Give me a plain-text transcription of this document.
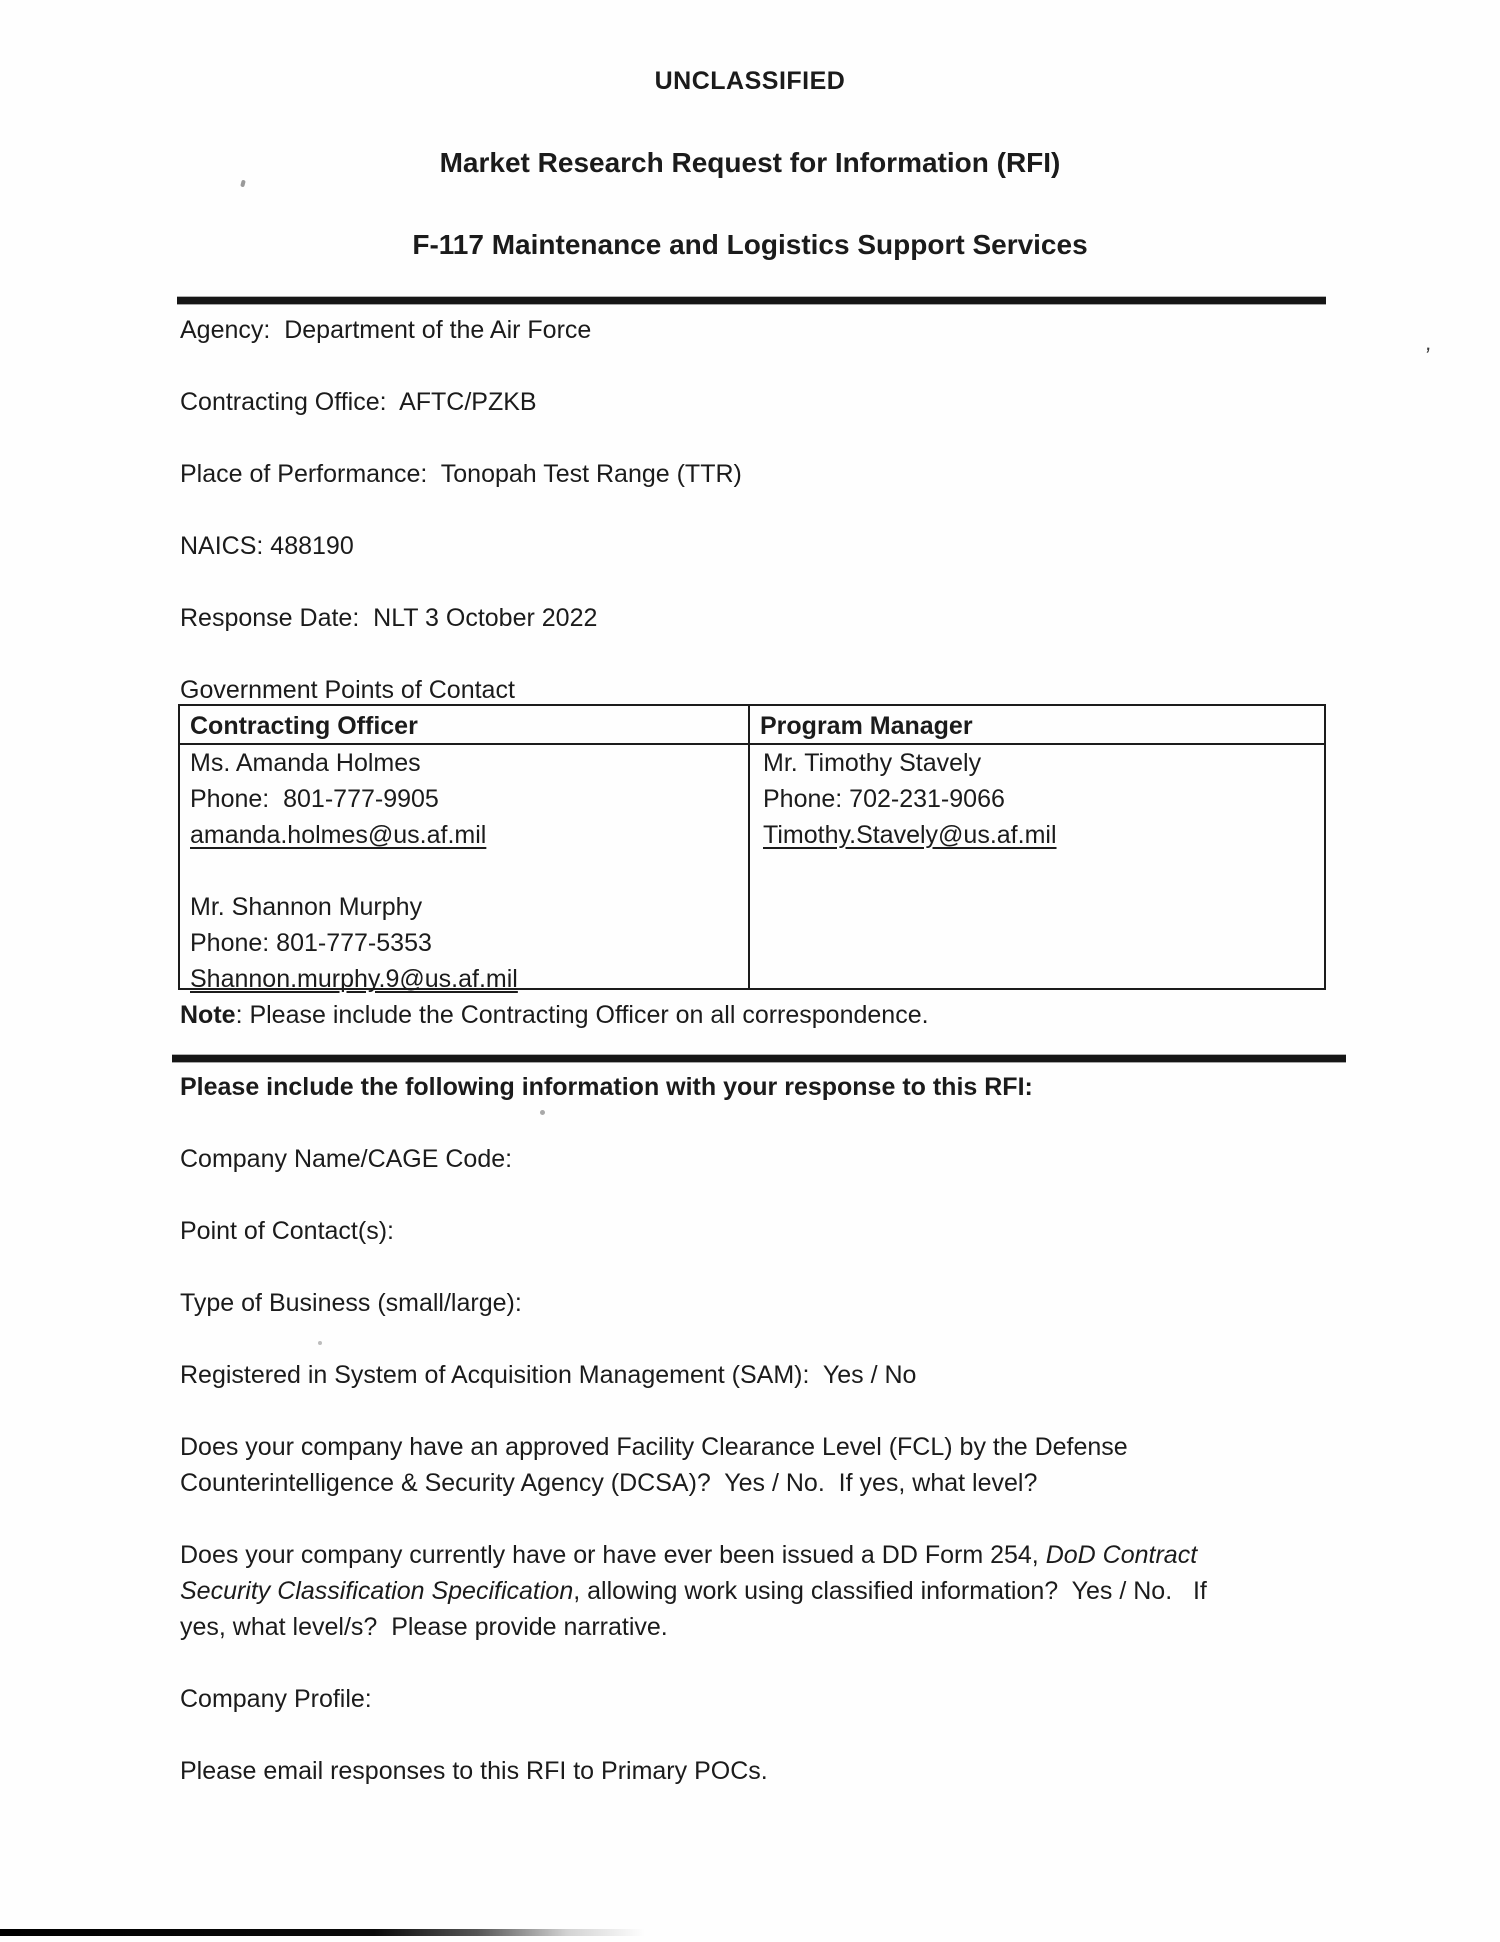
UNCLASSIFIED
Market Research Request for Information (RFI)
F-117 Maintenance and Logistics Support Services
Agency:  Department of the Air Force
Contracting Office:  AFTC/PZKB
Place of Performance:  Tonopah Test Range (TTR)
NAICS: 488190
Response Date:  NLT 3 October 2022
Government Points of Contact
Contracting Officer	Program Manager
Ms. Amanda Holmes
Phone:  801-777-9905
amanda.holmes@us.af.mil
Mr. Shannon Murphy
Phone: 801-777-5353
Shannon.murphy.9@us.af.mil
Mr. Timothy Stavely
Phone: 702-231-9066
Timothy.Stavely@us.af.mil
Note: Please include the Contracting Officer on all correspondence.
Please include the following information with your response to this RFI:
Company Name/CAGE Code:
Point of Contact(s):
Type of Business (small/large):
Registered in System of Acquisition Management (SAM):  Yes / No
Does your company have an approved Facility Clearance Level (FCL) by the Defense
Counterintelligence & Security Agency (DCSA)?  Yes / No.  If yes, what level?
Does your company currently have or have ever been issued a DD Form 254, DoD Contract
Security Classification Specification, allowing work using classified information?  Yes / No.   If
yes, what level/s?  Please provide narrative.
Company Profile:
Please email responses to this RFI to Primary POCs.
,
